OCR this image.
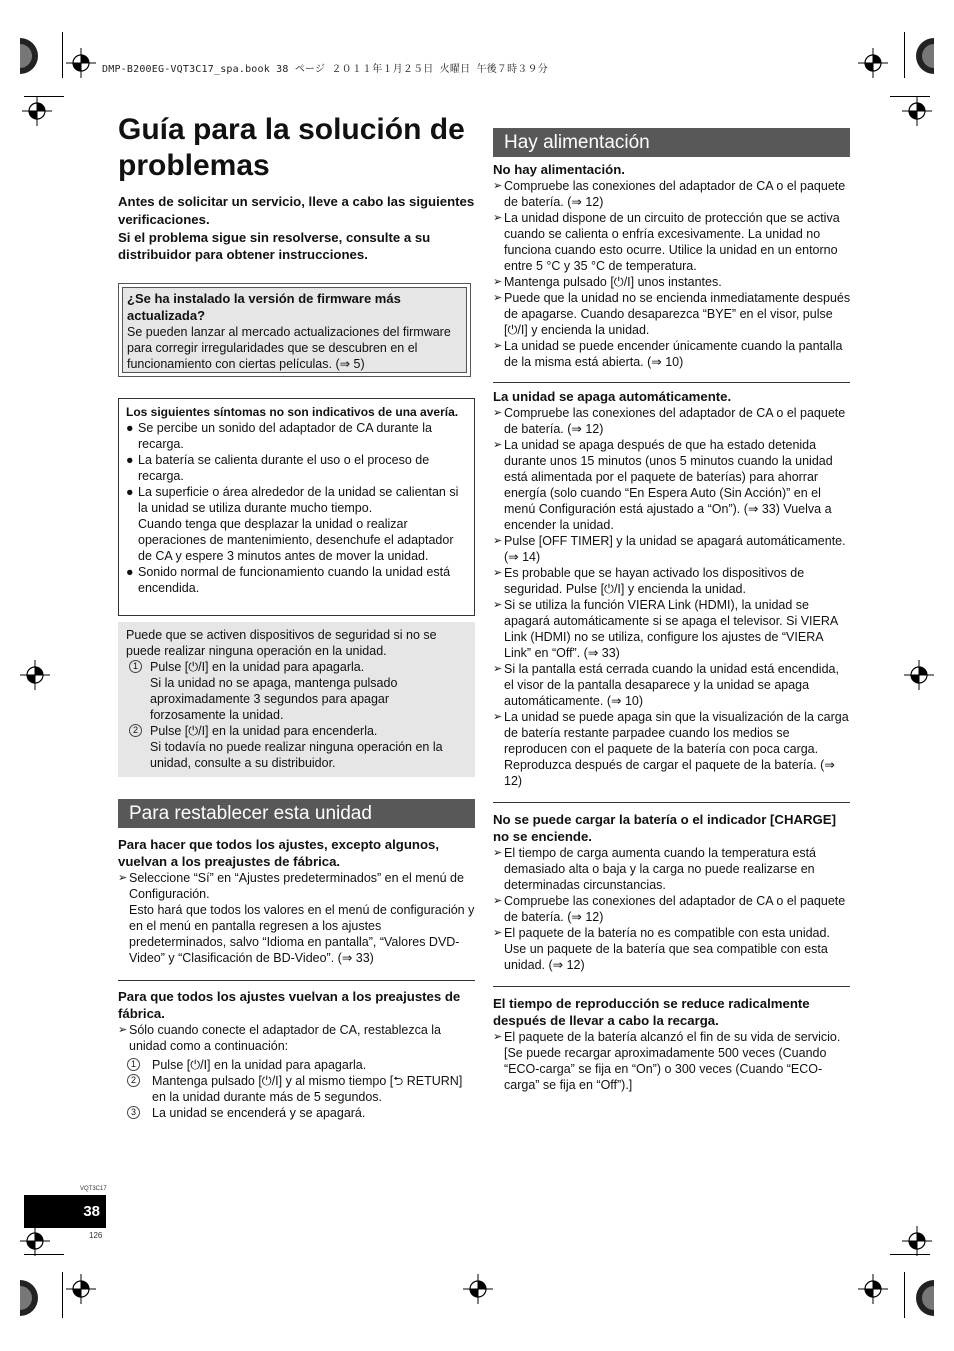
DMP-B200EG-VQT3C17_spa.book 38 ページ ２０１１年１月２５日 火曜日 午後７時３９分
Guía para la solución de problemas

Antes de solicitar un servicio, lleve a cabo las siguientes verificaciones.

Si el problema sigue sin resolverse, consulte a su distribuidor para obtener instrucciones.

¿Se ha instalado la versión de firmware más actualizada?
Se pueden lanzar al mercado actualizaciones del firmware para corregir irregularidades que se descubren en el funcionamiento con ciertas películas. (⇒ 5)
Los siguientes síntomas no son indicativos de una avería.
● Se percibe un sonido del adaptador de CA durante la recarga.
● La batería se calienta durante el uso o el proceso de recarga.
● La superficie o área alrededor de la unidad se calientan si la unidad se utiliza durante mucho tiempo.
Cuando tenga que desplazar la unidad o realizar operaciones de mantenimiento, desenchufe el adaptador de CA y espere 3 minutos antes de mover la unidad.
● Sonido normal de funcionamiento cuando la unidad está encendida.
Puede que se activen dispositivos de seguridad si no se puede realizar ninguna operación en la unidad.
1 Pulse [⏻/I] en la unidad para apagarla.
Si la unidad no se apaga, mantenga pulsado aproximadamente 3 segundos para apagar forzosamente la unidad.
2 Pulse [⏻/I] en la unidad para encenderla.
Si todavía no puede realizar ninguna operación en la unidad, consulte a su distribuidor.
Para restablecer esta unidad
Para hacer que todos los ajustes, excepto algunos, vuelvan a los preajustes de fábrica.
➢ Seleccione “Sí” en “Ajustes predeterminados” en el menú de Configuración.
Esto hará que todos los valores en el menú de configuración y en el menú en pantalla regresen a los ajustes predeterminados, salvo “Idioma en pantalla”, “Valores DVD-Video” y “Clasificación de BD-Video”. (⇒ 33)
Para que todos los ajustes vuelvan a los preajustes de fábrica.
➢ Sólo cuando conecte el adaptador de CA, restablezca la unidad como a continuación:
1	Pulse [⏻/I] en la unidad para apagarla.
2	Mantenga pulsado [⏻/I] y al mismo tiempo [⮌ RETURN] en la unidad durante más de 5 segundos.
3	La unidad se encenderá y se apagará.
Hay alimentación
No hay alimentación.
➢ Compruebe las conexiones del adaptador de CA o el paquete de batería. (⇒ 12)
➢ La unidad dispone de un circuito de protección que se activa cuando se calienta o enfría excesivamente. La unidad no funciona cuando esto ocurre. Utilice la unidad en un entorno entre 5 °C y 35 °C de temperatura.
➢ Mantenga pulsado [⏻/I] unos instantes.
➢ Puede que la unidad no se encienda inmediatamente después de apagarse. Cuando desaparezca “BYE” en el visor, pulse [⏻/I] y encienda la unidad.
➢ La unidad se puede encender únicamente cuando la pantalla de la misma está abierta. (⇒ 10)
La unidad se apaga automáticamente.
➢ Compruebe las conexiones del adaptador de CA o el paquete de batería. (⇒ 12)
➢ La unidad se apaga después de que ha estado detenida durante unos 15 minutos (unos 5 minutos cuando la unidad está alimentada por el paquete de baterías) para ahorrar energía (solo cuando “En Espera Auto (Sin Acción)” en el menú Configuración está ajustado a “On”). (⇒ 33) Vuelva a encender la unidad.
➢ Pulse [OFF TIMER] y la unidad se apagará automáticamente. (⇒ 14)
➢ Es probable que se hayan activado los dispositivos de seguridad. Pulse [⏻/I] y encienda la unidad.
➢ Si se utiliza la función VIERA Link (HDMI), la unidad se apagará automáticamente si se apaga el televisor. Si VIERA Link (HDMI) no se utiliza, configure los ajustes de “VIERA Link” en “Off”. (⇒ 33)
➢ Si la pantalla está cerrada cuando la unidad está encendida, el visor de la pantalla desaparece y la unidad se apaga automáticamente. (⇒ 10)
➢ La unidad se puede apaga sin que la visualización de la carga de batería restante parpadee cuando los medios se reproducen con el paquete de la batería con poca carga. Reproduzca después de cargar el paquete de la batería. (⇒ 12)
No se puede cargar la batería o el indicador [CHARGE] no se enciende.
➢ El tiempo de carga aumenta cuando la temperatura está demasiado alta o baja y la carga no puede realizarse en determinadas circunstancias.
➢ Compruebe las conexiones del adaptador de CA o el paquete de batería. (⇒ 12)
➢ El paquete de la batería no es compatible con esta unidad. Use un paquete de la batería que sea compatible con esta unidad. (⇒ 12)
El tiempo de reproducción se reduce radicalmente después de llevar a cabo la recarga.
➢ El paquete de la batería alcanzó el fin de su vida de servicio. [Se puede recargar aproximadamente 500 veces (Cuando “ECO-carga” se fija en “On”) o 300 veces (Cuando “ECO-carga” se fija en “Off”).]
VQT3C17
38
126
